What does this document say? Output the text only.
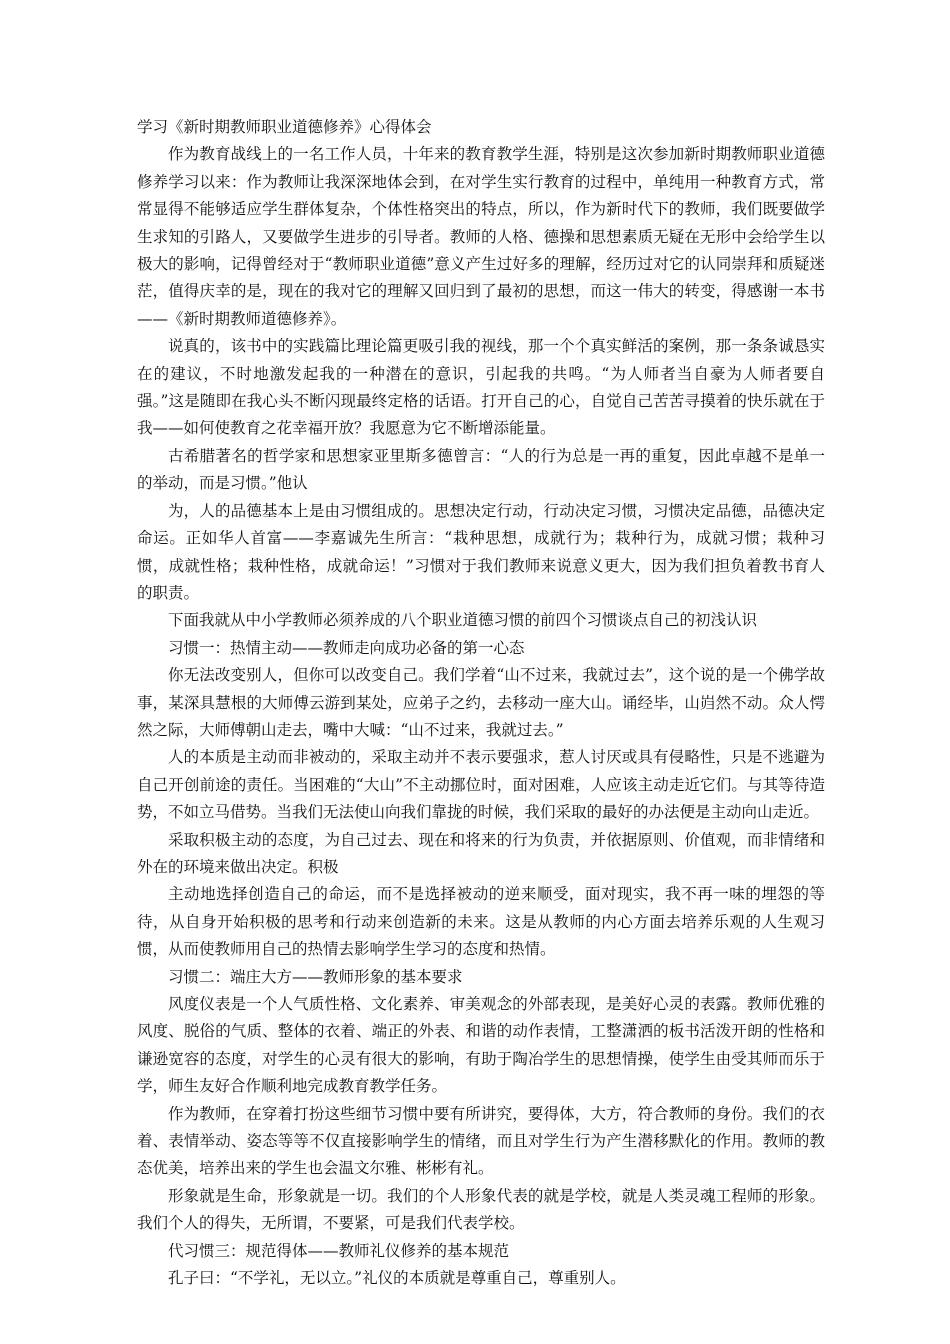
学习《新时期教师职业道德修养》心得体会

作为教育战线上的一名工作人员，十年来的教育教学生涯，特别是这次参加新时期教师职业道德修养学习以来：作为教师让我深深地体会到，在对学生实行教育的过程中，单纯用一种教育方式，常常显得不能够适应学生群体复杂，个体性格突出的特点，所以，作为新时代下的教师，我们既要做学生求知的引路人，又要做学生进步的引导者。教师的人格、德操和思想素质无疑在无形中会给学生以极大的影响，记得曾经对于“教师职业道德”意义产生过好多的理解，经历过对它的认同崇拜和质疑迷茫，值得庆幸的是，现在的我对它的理解又回归到了最初的思想，而这一伟大的转变，得感谢一本书——《新时期教师道德修养》。

说真的，该书中的实践篇比理论篇更吸引我的视线，那一个个真实鲜活的案例，那一条条诚恳实在的建议，不时地激发起我的一种潜在的意识，引起我的共鸣。“为人师者当自豪为人师者要自强。”这是随即在我心头不断闪现最终定格的话语。打开自己的心，自觉自己苦苦寻摸着的快乐就在于我——如何使教育之花幸福开放？我愿意为它不断增添能量。

古希腊著名的哲学家和思想家亚里斯多德曾言：“人的行为总是一再的重复，因此卓越不是单一的举动，而是习惯。”他认

为，人的品德基本上是由习惯组成的。思想决定行动，行动决定习惯，习惯决定品德，品德决定命运。正如华人首富——李嘉诚先生所言：“栽种思想，成就行为；栽种行为，成就习惯；栽种习惯，成就性格；栽种性格，成就命运！”习惯对于我们教师来说意义更大，因为我们担负着教书育人的职责。

下面我就从中小学教师必须养成的八个职业道德习惯的前四个习惯谈点自己的初浅认识

习惯一：热情主动——教师走向成功必备的第一心态

你无法改变别人，但你可以改变自己。我们学着“山不过来，我就过去”，这个说的是一个佛学故事，某深具慧根的大师傅云游到某处，应弟子之约，去移动一座大山。诵经毕，山岿然不动。众人愕然之际，大师傅朝山走去，嘴中大喊：“山不过来，我就过去。”

人的本质是主动而非被动的，采取主动并不表示要强求，惹人讨厌或具有侵略性，只是不逃避为自己开创前途的责任。当困难的“大山”不主动挪位时，面对困难，人应该主动走近它们。与其等待造势，不如立马借势。当我们无法使山向我们靠拢的时候，我们采取的最好的办法便是主动向山走近。

采取积极主动的态度，为自己过去、现在和将来的行为负责，并依据原则、价值观，而非情绪和外在的环境来做出决定。积极

主动地选择创造自己的命运，而不是选择被动的逆来顺受，面对现实，我不再一味的埋怨的等待，从自身开始积极的思考和行动来创造新的未来。这是从教师的内心方面去培养乐观的人生观习惯，从而使教师用自己的热情去影响学生学习的态度和热情。

习惯二：端庄大方——教师形象的基本要求

风度仪表是一个人气质性格、文化素养、审美观念的外部表现，是美好心灵的表露。教师优雅的风度、脱俗的气质、整体的衣着、端正的外表、和谐的动作表情，工整潇洒的板书活泼开朗的性格和谦逊宽容的态度，对学生的心灵有很大的影响，有助于陶冶学生的思想情操，使学生由受其师而乐于学，师生友好合作顺利地完成教育教学任务。

作为教师，在穿着打扮这些细节习惯中要有所讲究，要得体，大方，符合教师的身份。我们的衣着、表情举动、姿态等等不仅直接影响学生的情绪，而且对学生行为产生潜移默化的作用。教师的教态优美，培养出来的学生也会温文尔雅、彬彬有礼。

形象就是生命，形象就是一切。我们的个人形象代表的就是学校，就是人类灵魂工程师的形象。我们个人的得失，无所谓，不要紧，可是我们代表学校。

代习惯三：规范得体——教师礼仪修养的基本规范

孔子曰：“不学礼，无以立。”礼仪的本质就是尊重自己，尊重别人。
